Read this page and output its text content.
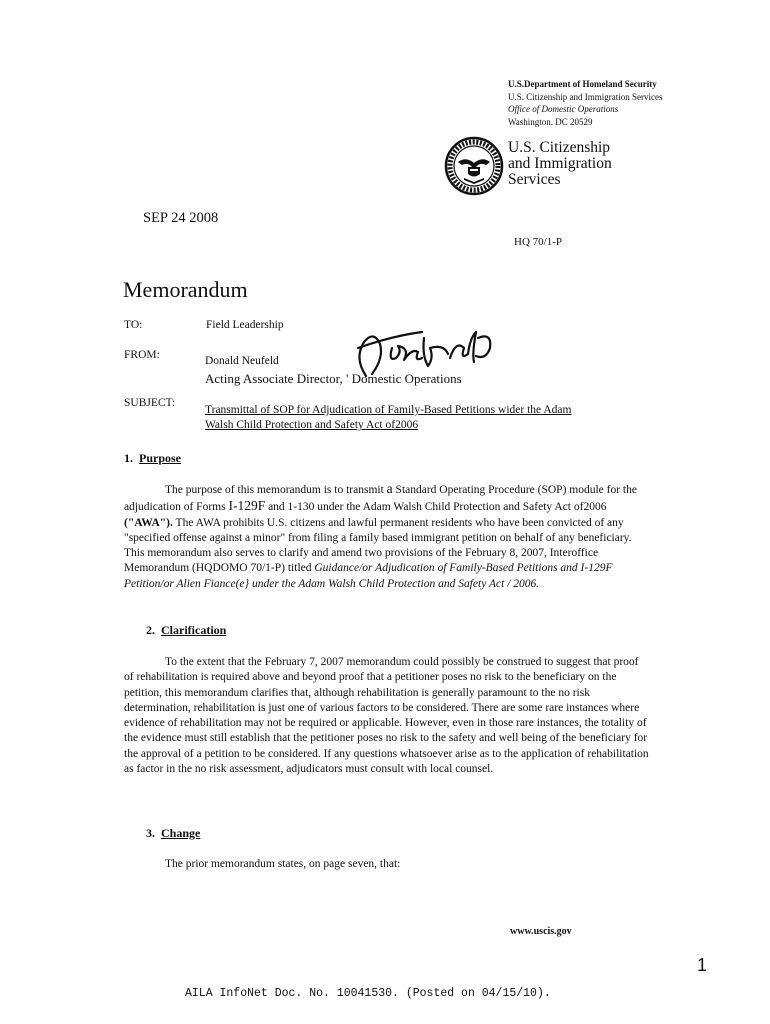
U.S.Department of Homeland Security
U.S. Citizenship and Immigration Services
Office of Domestic Operations
Washington. DC 20529
U.S. Citizenship
and Immigration
Services
SEP 24 2008
HQ 70/1-P
Memorandum
TO:	Field Leadership
FROM:	Donald Neufeld
Acting Associate Director, ' Domestic Operations
SUBJECT:
Transmittal of SOP for Adjudication of Family-Based Petitions wider the Adam
Walsh Child Protection and Safety Act of2006
1. Purpose
The purpose of this memorandum is to transmit a Standard Operating Procedure (SOP) module for the adjudication of Forms I-129F and 1-130 under the Adam Walsh Child Protection and Safety Act of2006 ("AWA"). The AWA prohibits U.S. citizens and lawful permanent residents who have been convicted of any "specified offense against a minor" from filing a family based immigrant petition on behalf of any beneficiary. This memorandum also serves to clarify and amend two provisions of the February 8, 2007, Interoffice Memorandum (HQDOMO 70/1-P) titled Guidance/or Adjudication of Family-Based Petitions and I-129F Petition/or Alien Fiance(e} under the Adam Walsh Child Protection and Safety Act / 2006.
2. Clarification
To the extent that the February 7, 2007 memorandum could possibly be construed to suggest that proof of rehabilitation is required above and beyond proof that a petitioner poses no risk to the beneficiary on the petition, this memorandum clarifies that, although rehabilitation is generally paramount to the no risk determination, rehabilitation is just one of various factors to be considered. There are some rare instances where evidence of rehabilitation may not be required or applicable. However, even in those rare instances, the totality of the evidence must still establish that the petitioner poses no risk to the safety and well being of the beneficiary for the approval of a petition to be considered. If any questions whatsoever arise as to the application of rehabilitation as factor in the no risk assessment, adjudicators must consult with local counsel.
3. Change
The prior memorandum states, on page seven, that:
www.uscis.gov
1
AILA InfoNet Doc. No. 10041530. (Posted on 04/15/10).
